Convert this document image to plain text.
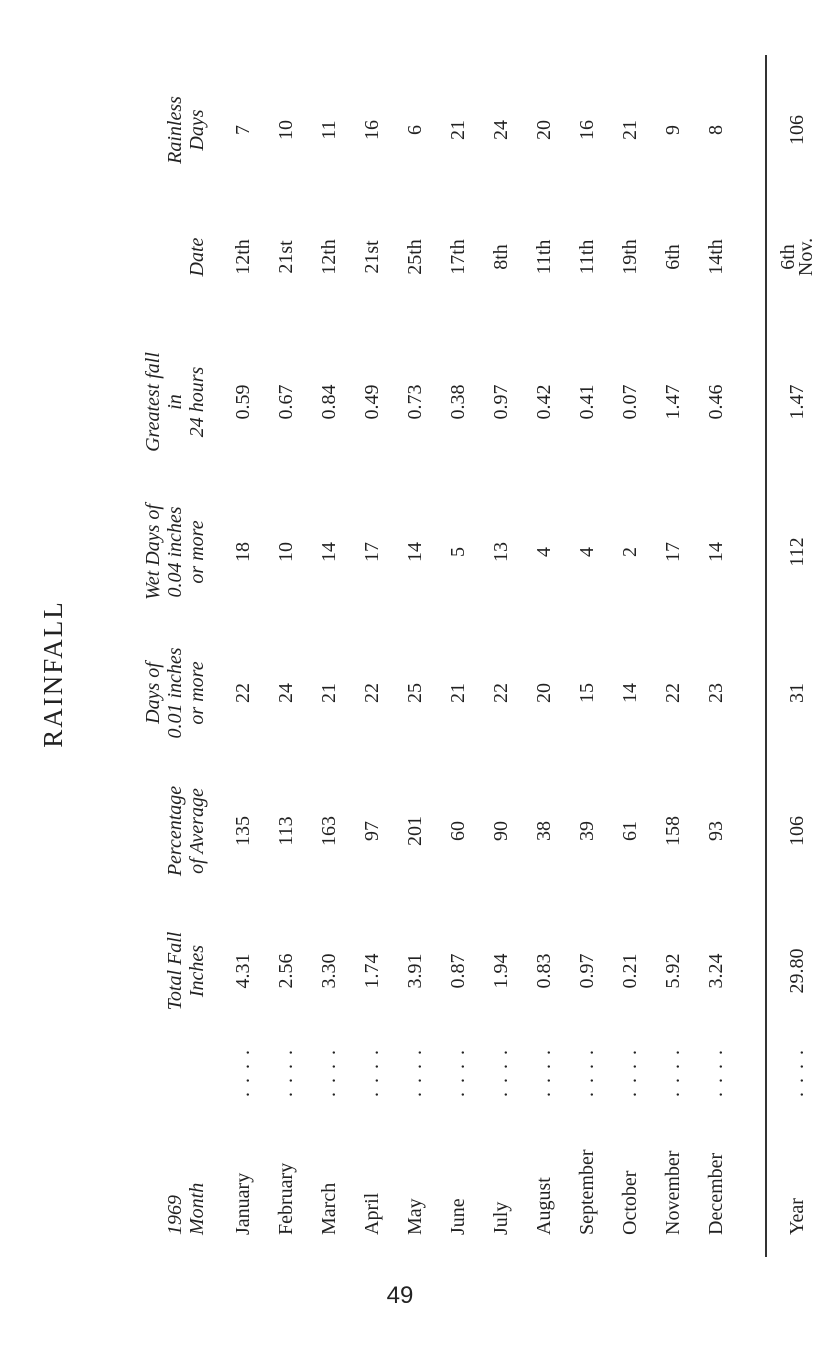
RAINFALL
1969 Month
Total Fall Inches
Percentage of Average
Days of 0.01 inches or more
Wet Days of 0.04 inches or more
Greatest fall in 24 hours
Date
Rainless Days
January
. . . .
4.31
135
22
18
0.59
12th
7
February
. . . .
2.56
113
24
10
0.67
21st
10
March
. . . .
3.30
163
21
14
0.84
12th
11
April
. . . .
1.74
97
22
17
0.49
21st
16
May
. . . .
3.91
201
25
14
0.73
25th
6
June
. . . .
0.87
60
21
5
0.38
17th
21
July
. . . .
1.94
90
22
13
0.97
8th
24
August
. . . .
0.83
38
20
4
0.42
11th
20
September
. . . .
0.97
39
15
4
0.41
11th
16
October
. . . .
0.21
61
14
2
0.07
19th
21
November
. . . .
5.92
158
22
17
1.47
6th
9
December
. . . .
3.24
93
23
14
0.46
14th
8
Year
. . . .
29.80
106
31
112
1.47
6th
Nov.
106
49
